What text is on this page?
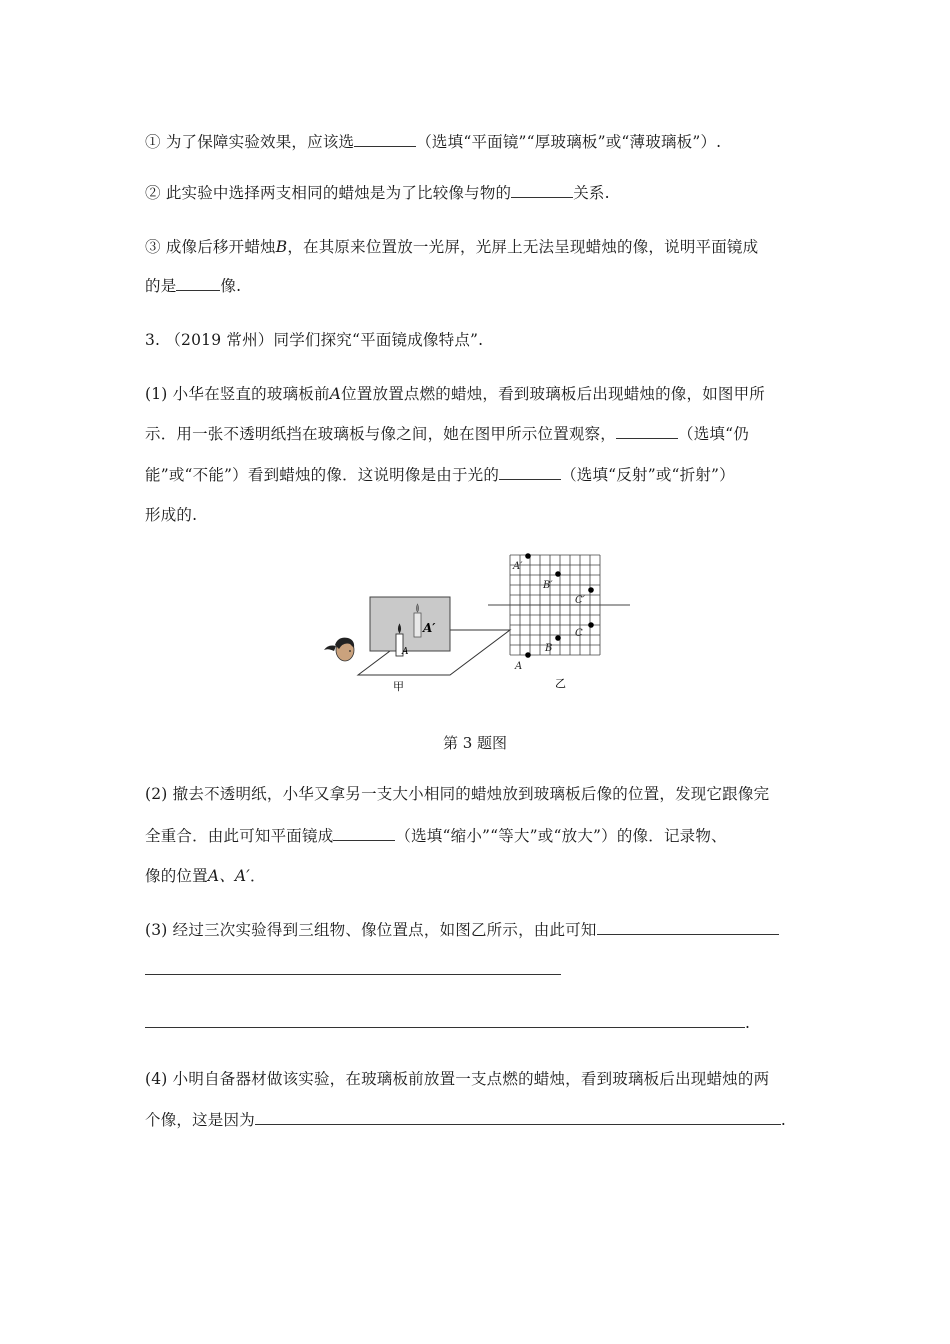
① 为了保障实验效果，应该选	（选填“平面镜”“厚玻璃板”或“薄玻璃板”）.
② 此实验中选择两支相同的蜡烛是为了比较像与物的	关系.
③ 成像后移开蜡烛B，在其原来位置放一光屏，光屏上无法呈现蜡烛的像，说明平面镜成
的是	像.
3. （2019 常州）同学们探究“平面镜成像特点”.
(1) 小华在竖直的玻璃板前A位置放置点燃的蜡烛，看到玻璃板后出现蜡烛的像，如图甲所
示．用一张不透明纸挡在玻璃板与像之间，她在图甲所示位置观察，	（选填“仍
能”或“不能”）看到蜡烛的像．这说明像是由于光的	（选填“反射”或“折射”）
形成的.
A′
A
甲
A′
B′
C′
C
B
A
乙
第 3 题图
(2) 撤去不透明纸，小华又拿另一支大小相同的蜡烛放到玻璃板后像的位置，发现它跟像完
全重合．由此可知平面镜成	（选填“缩小”“等大”或“放大”）的像．记录物、
像的位置A、A′．
(3) 经过三次实验得到三组物、像位置点，如图乙所示，由此可知
.
(4) 小明自备器材做该实验，在玻璃板前放置一支点燃的蜡烛，看到玻璃板后出现蜡烛的两
个像，这是因为	.
